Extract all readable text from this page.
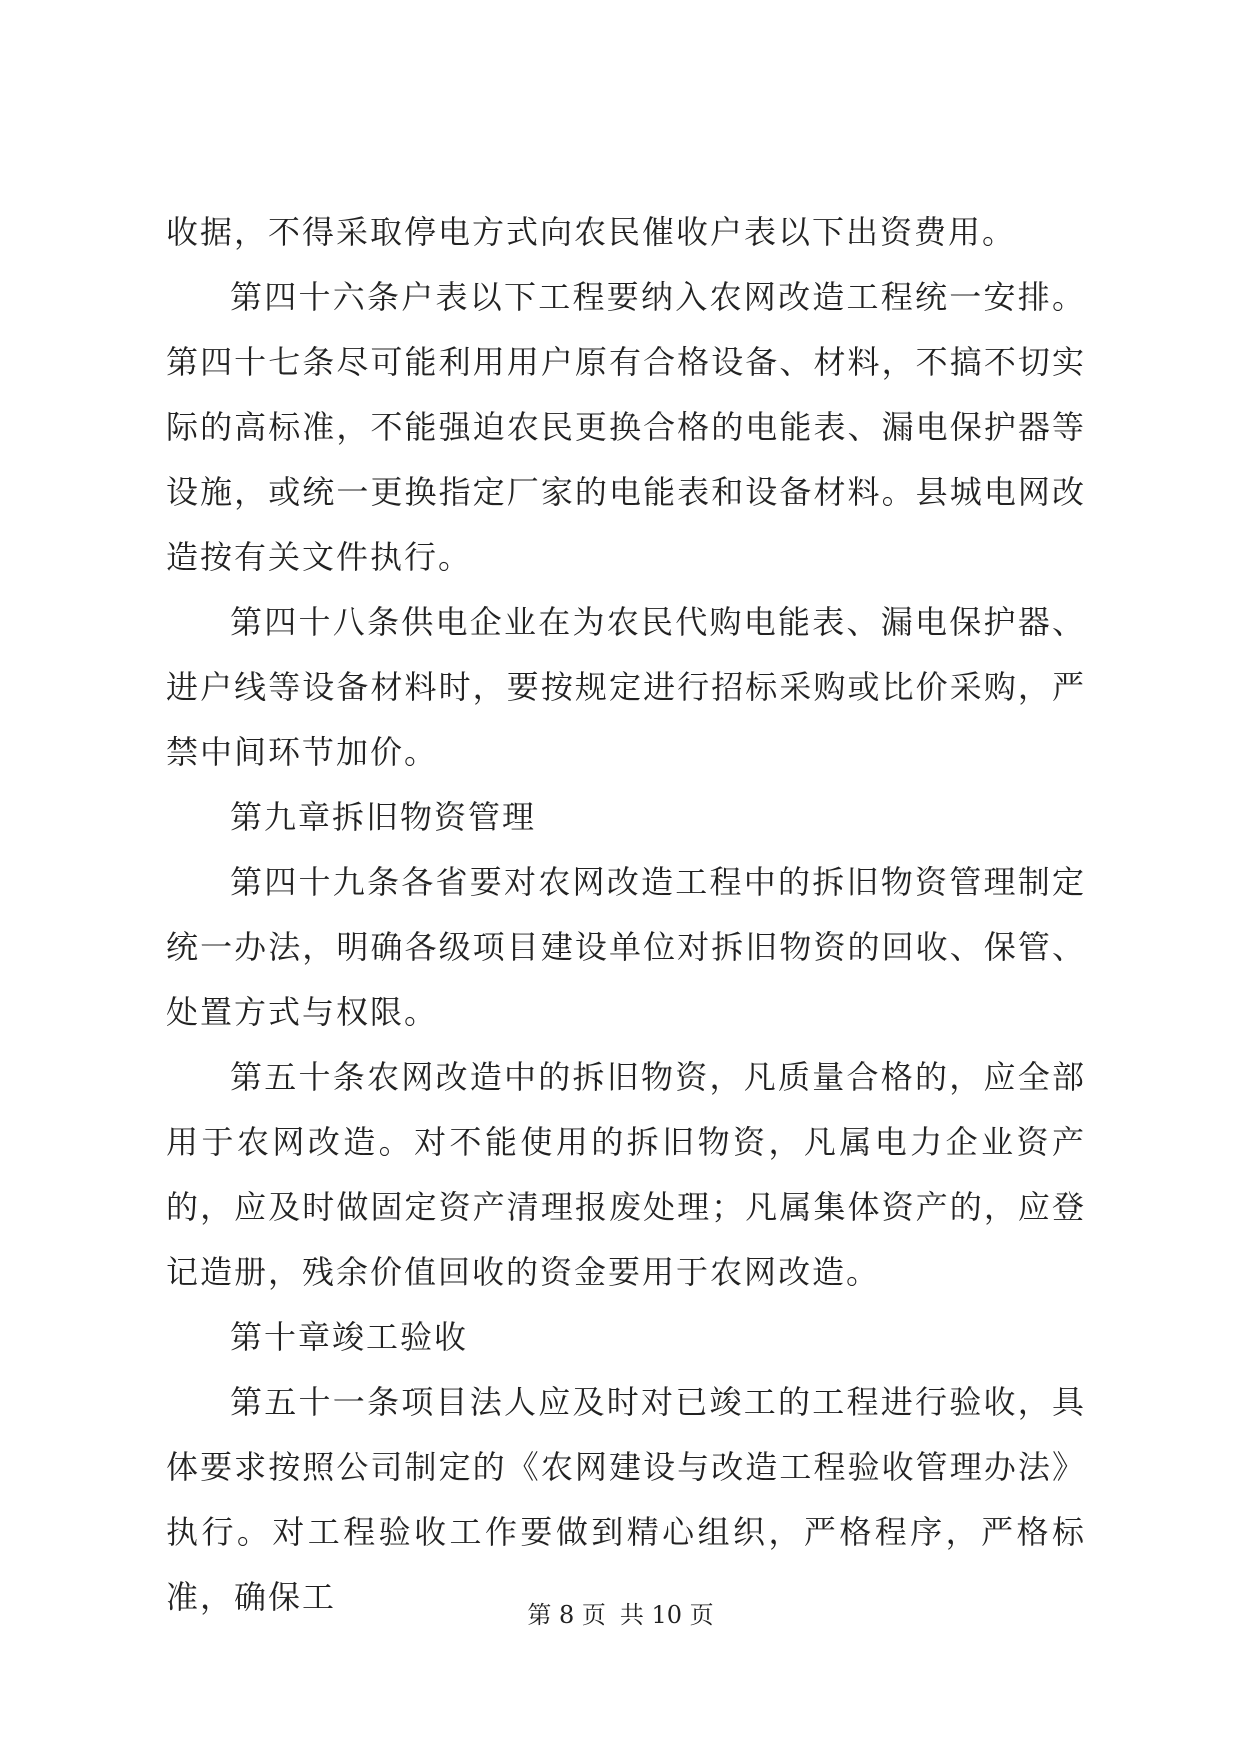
收据，不得采取停电方式向农民催收户表以下出资费用。

第四十六条户表以下工程要纳入农网改造工程统一安排。第四十七条尽可能利用用户原有合格设备、材料，不搞不切实际的高标准，不能强迫农民更换合格的电能表、漏电保护器等设施，或统一更换指定厂家的电能表和设备材料。县城电网改造按有关文件执行。

第四十八条供电企业在为农民代购电能表、漏电保护器、进户线等设备材料时，要按规定进行招标采购或比价采购，严禁中间环节加价。

第九章拆旧物资管理

第四十九条各省要对农网改造工程中的拆旧物资管理制定统一办法，明确各级项目建设单位对拆旧物资的回收、保管、处置方式与权限。

第五十条农网改造中的拆旧物资，凡质量合格的，应全部用于农网改造。对不能使用的拆旧物资，凡属电力企业资产的，应及时做固定资产清理报废处理；凡属集体资产的，应登记造册，残余价值回收的资金要用于农网改造。

第十章竣工验收

第五十一条项目法人应及时对已竣工的工程进行验收，具体要求按照公司制定的《农网建设与改造工程验收管理办法》执行。对工程验收工作要做到精心组织，严格程序，严格标准，确保工	第 8 页 共 10 页
